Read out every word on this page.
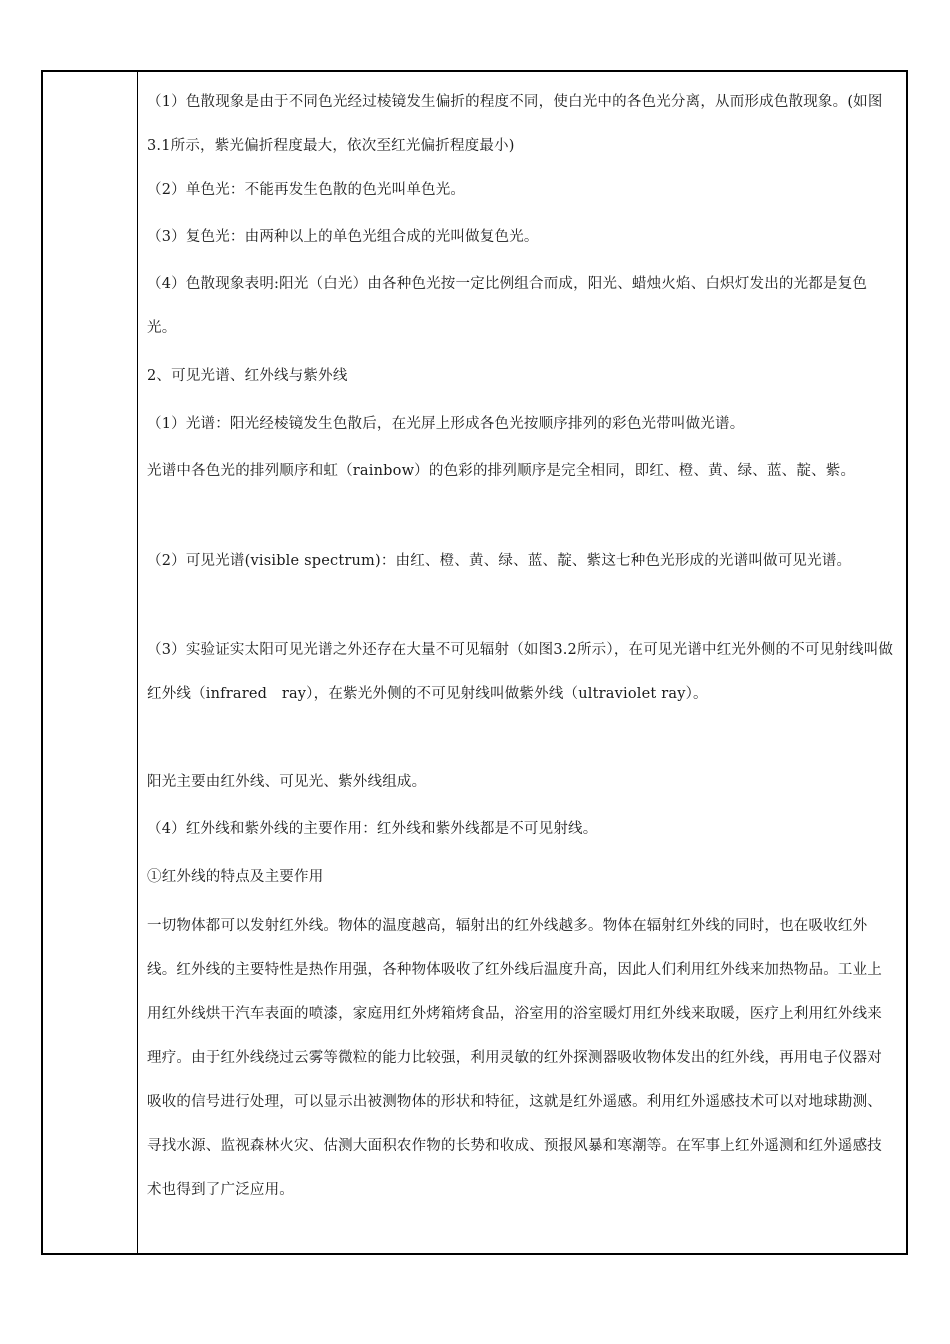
（1）色散现象是由于不同色光经过棱镜发生偏折的程度不同，使白光中的各色光分离，从而形成色散现象。(如图3.1所示，紫光偏折程度最大，依次至红光偏折程度最小)

（2）单色光：不能再发生色散的色光叫单色光。

（3）复色光：由两种以上的单色光组合成的光叫做复色光。

（4）色散现象表明:阳光（白光）由各种色光按一定比例组合而成，阳光、蜡烛火焰、白炽灯发出的光都是复色光。

2、可见光谱、红外线与紫外线

（1）光谱：阳光经棱镜发生色散后，在光屏上形成各色光按顺序排列的彩色光带叫做光谱。

光谱中各色光的排列顺序和虹（rainbow）的色彩的排列顺序是完全相同，即红、橙、黄、绿、蓝、靛、紫。

（2）可见光谱(visible spectrum)：由红、橙、黄、绿、蓝、靛、紫这七种色光形成的光谱叫做可见光谱。

（3）实验证实太阳可见光谱之外还存在大量不可见辐射（如图3.2所示），在可见光谱中红光外侧的不可见射线叫做红外线（infrared　ray），在紫光外侧的不可见射线叫做紫外线（ultraviolet ray）。

阳光主要由红外线、可见光、紫外线组成。

（4）红外线和紫外线的主要作用：红外线和紫外线都是不可见射线。

①红外线的特点及主要作用

一切物体都可以发射红外线。物体的温度越高，辐射出的红外线越多。物体在辐射红外线的同时，也在吸收红外线。红外线的主要特性是热作用强，各种物体吸收了红外线后温度升高，因此人们利用红外线来加热物品。工业上用红外线烘干汽车表面的喷漆，家庭用红外烤箱烤食品，浴室用的浴室暖灯用红外线来取暖，医疗上利用红外线来理疗。由于红外线绕过云雾等微粒的能力比较强，利用灵敏的红外探测器吸收物体发出的红外线，再用电子仪器对吸收的信号进行处理，可以显示出被测物体的形状和特征，这就是红外遥感。利用红外遥感技术可以对地球勘测、寻找水源、监视森林火灾、估测大面积农作物的长势和收成、预报风暴和寒潮等。在军事上红外遥测和红外遥感技术也得到了广泛应用。
